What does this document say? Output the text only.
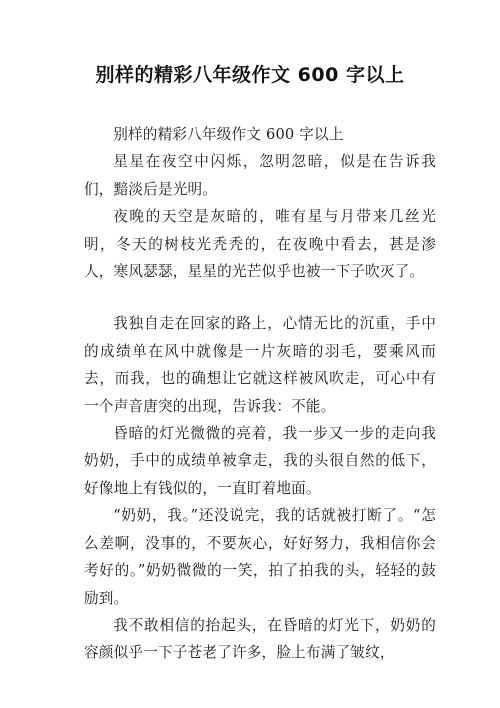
别样的精彩八年级作文 600 字以上

别样的精彩八年级作文 600 字以上

星星在夜空中闪烁，忽明忽暗，似是在告诉我们，黯淡后是光明。

夜晚的天空是灰暗的，唯有星与月带来几丝光明，冬天的树枝光秃秃的，在夜晚中看去，甚是渗人，寒风瑟瑟，星星的光芒似乎也被一下子吹灭了。

我独自走在回家的路上，心情无比的沉重，手中的成绩单在风中就像是一片灰暗的羽毛，要乘风而去，而我，也的确想让它就这样被风吹走，可心中有一个声音唐突的出现，告诉我：不能。

昏暗的灯光微微的亮着，我一步又一步的走向我奶奶，手中的成绩单被拿走，我的头很自然的低下，好像地上有钱似的，一直盯着地面。

“奶奶，我。”还没说完，我的话就被打断了。“怎么差啊，没事的，不要灰心，好好努力，我相信你会考好的。”奶奶微微的一笑，拍了拍我的头，轻轻的鼓励到。

我不敢相信的抬起头，在昏暗的灯光下，奶奶的容颜似乎一下子苍老了许多，脸上布满了皱纹，
